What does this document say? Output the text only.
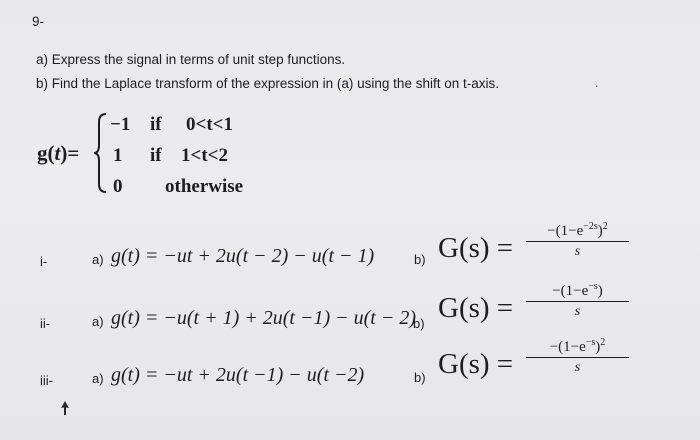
9-
a) Express the signal in terms of unit step functions.
b) Find the Laplace transform of the expression in (a) using the shift on t-axis.	.
g(t)=
−1 if 0<t<1
1 if 1<t<2
0 otherwise
i-	a) g(t) = −ut + 2u(t − 2) − u(t − 1)	b) G(s) =
$-(1-e^{-2s})^2$
s
ii-	a) g(t) = −u(t + 1) + 2u(t −1) − u(t − 2)
b) G(s) =
$-(1-e^{-s})$
s
iii-	a) g(t) = −ut + 2u(t −1) − u(t −2)	b) G(s) =
$-(1-e^{-s})^2$
s
